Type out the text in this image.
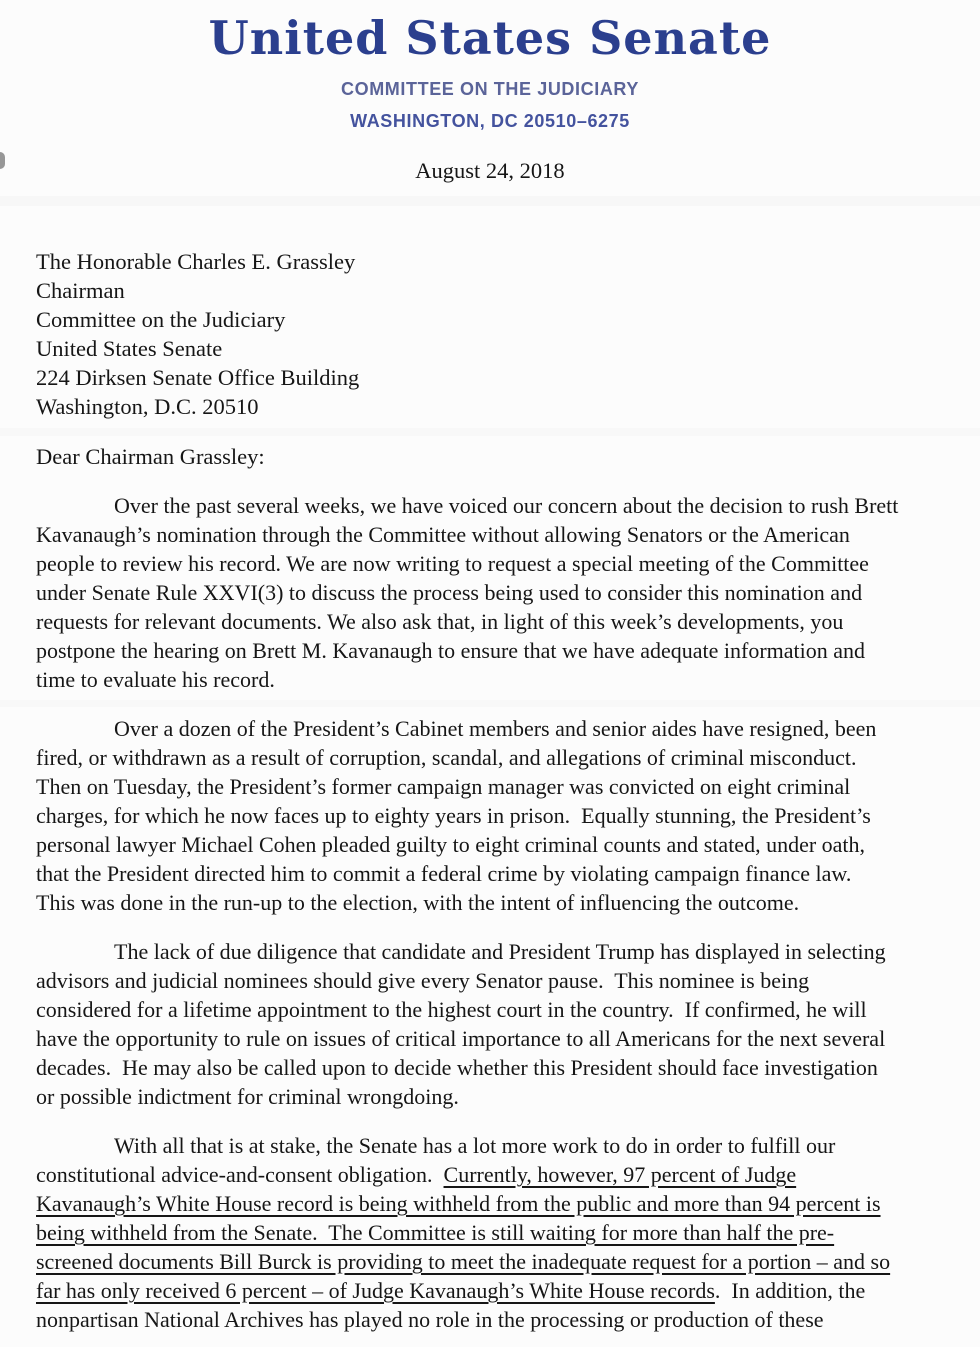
United States Senate
COMMITTEE ON THE JUDICIARY
WASHINGTON, DC 20510–6275
August 24, 2018
The Honorable Charles E. Grassley
Chairman
Committee on the Judiciary
United States Senate
224 Dirksen Senate Office Building
Washington, D.C. 20510
Dear Chairman Grassley:
Over the past several weeks, we have voiced our concern about the decision to rush Brett
Kavanaugh’s nomination through the Committee without allowing Senators or the American
people to review his record. We are now writing to request a special meeting of the Committee
under Senate Rule XXVI(3) to discuss the process being used to consider this nomination and
requests for relevant documents. We also ask that, in light of this week’s developments, you
postpone the hearing on Brett M. Kavanaugh to ensure that we have adequate information and
time to evaluate his record.
Over a dozen of the President’s Cabinet members and senior aides have resigned, been
fired, or withdrawn as a result of corruption, scandal, and allegations of criminal misconduct.
Then on Tuesday, the President’s former campaign manager was convicted on eight criminal
charges, for which he now faces up to eighty years in prison.  Equally stunning, the President’s
personal lawyer Michael Cohen pleaded guilty to eight criminal counts and stated, under oath,
that the President directed him to commit a federal crime by violating campaign finance law.
This was done in the run-up to the election, with the intent of influencing the outcome.
The lack of due diligence that candidate and President Trump has displayed in selecting
advisors and judicial nominees should give every Senator pause.  This nominee is being
considered for a lifetime appointment to the highest court in the country.  If confirmed, he will
have the opportunity to rule on issues of critical importance to all Americans for the next several
decades.  He may also be called upon to decide whether this President should face investigation
or possible indictment for criminal wrongdoing.
With all that is at stake, the Senate has a lot more work to do in order to fulfill our
constitutional advice-and-consent obligation.  Currently, however, 97 percent of Judge
Kavanaugh’s White House record is being withheld from the public and more than 94 percent is
being withheld from the Senate.  The Committee is still waiting for more than half the pre-
screened documents Bill Burck is providing to meet the inadequate request for a portion – and so
far has only received 6 percent – of Judge Kavanaugh’s White House records.  In addition, the
nonpartisan National Archives has played no role in the processing or production of these
